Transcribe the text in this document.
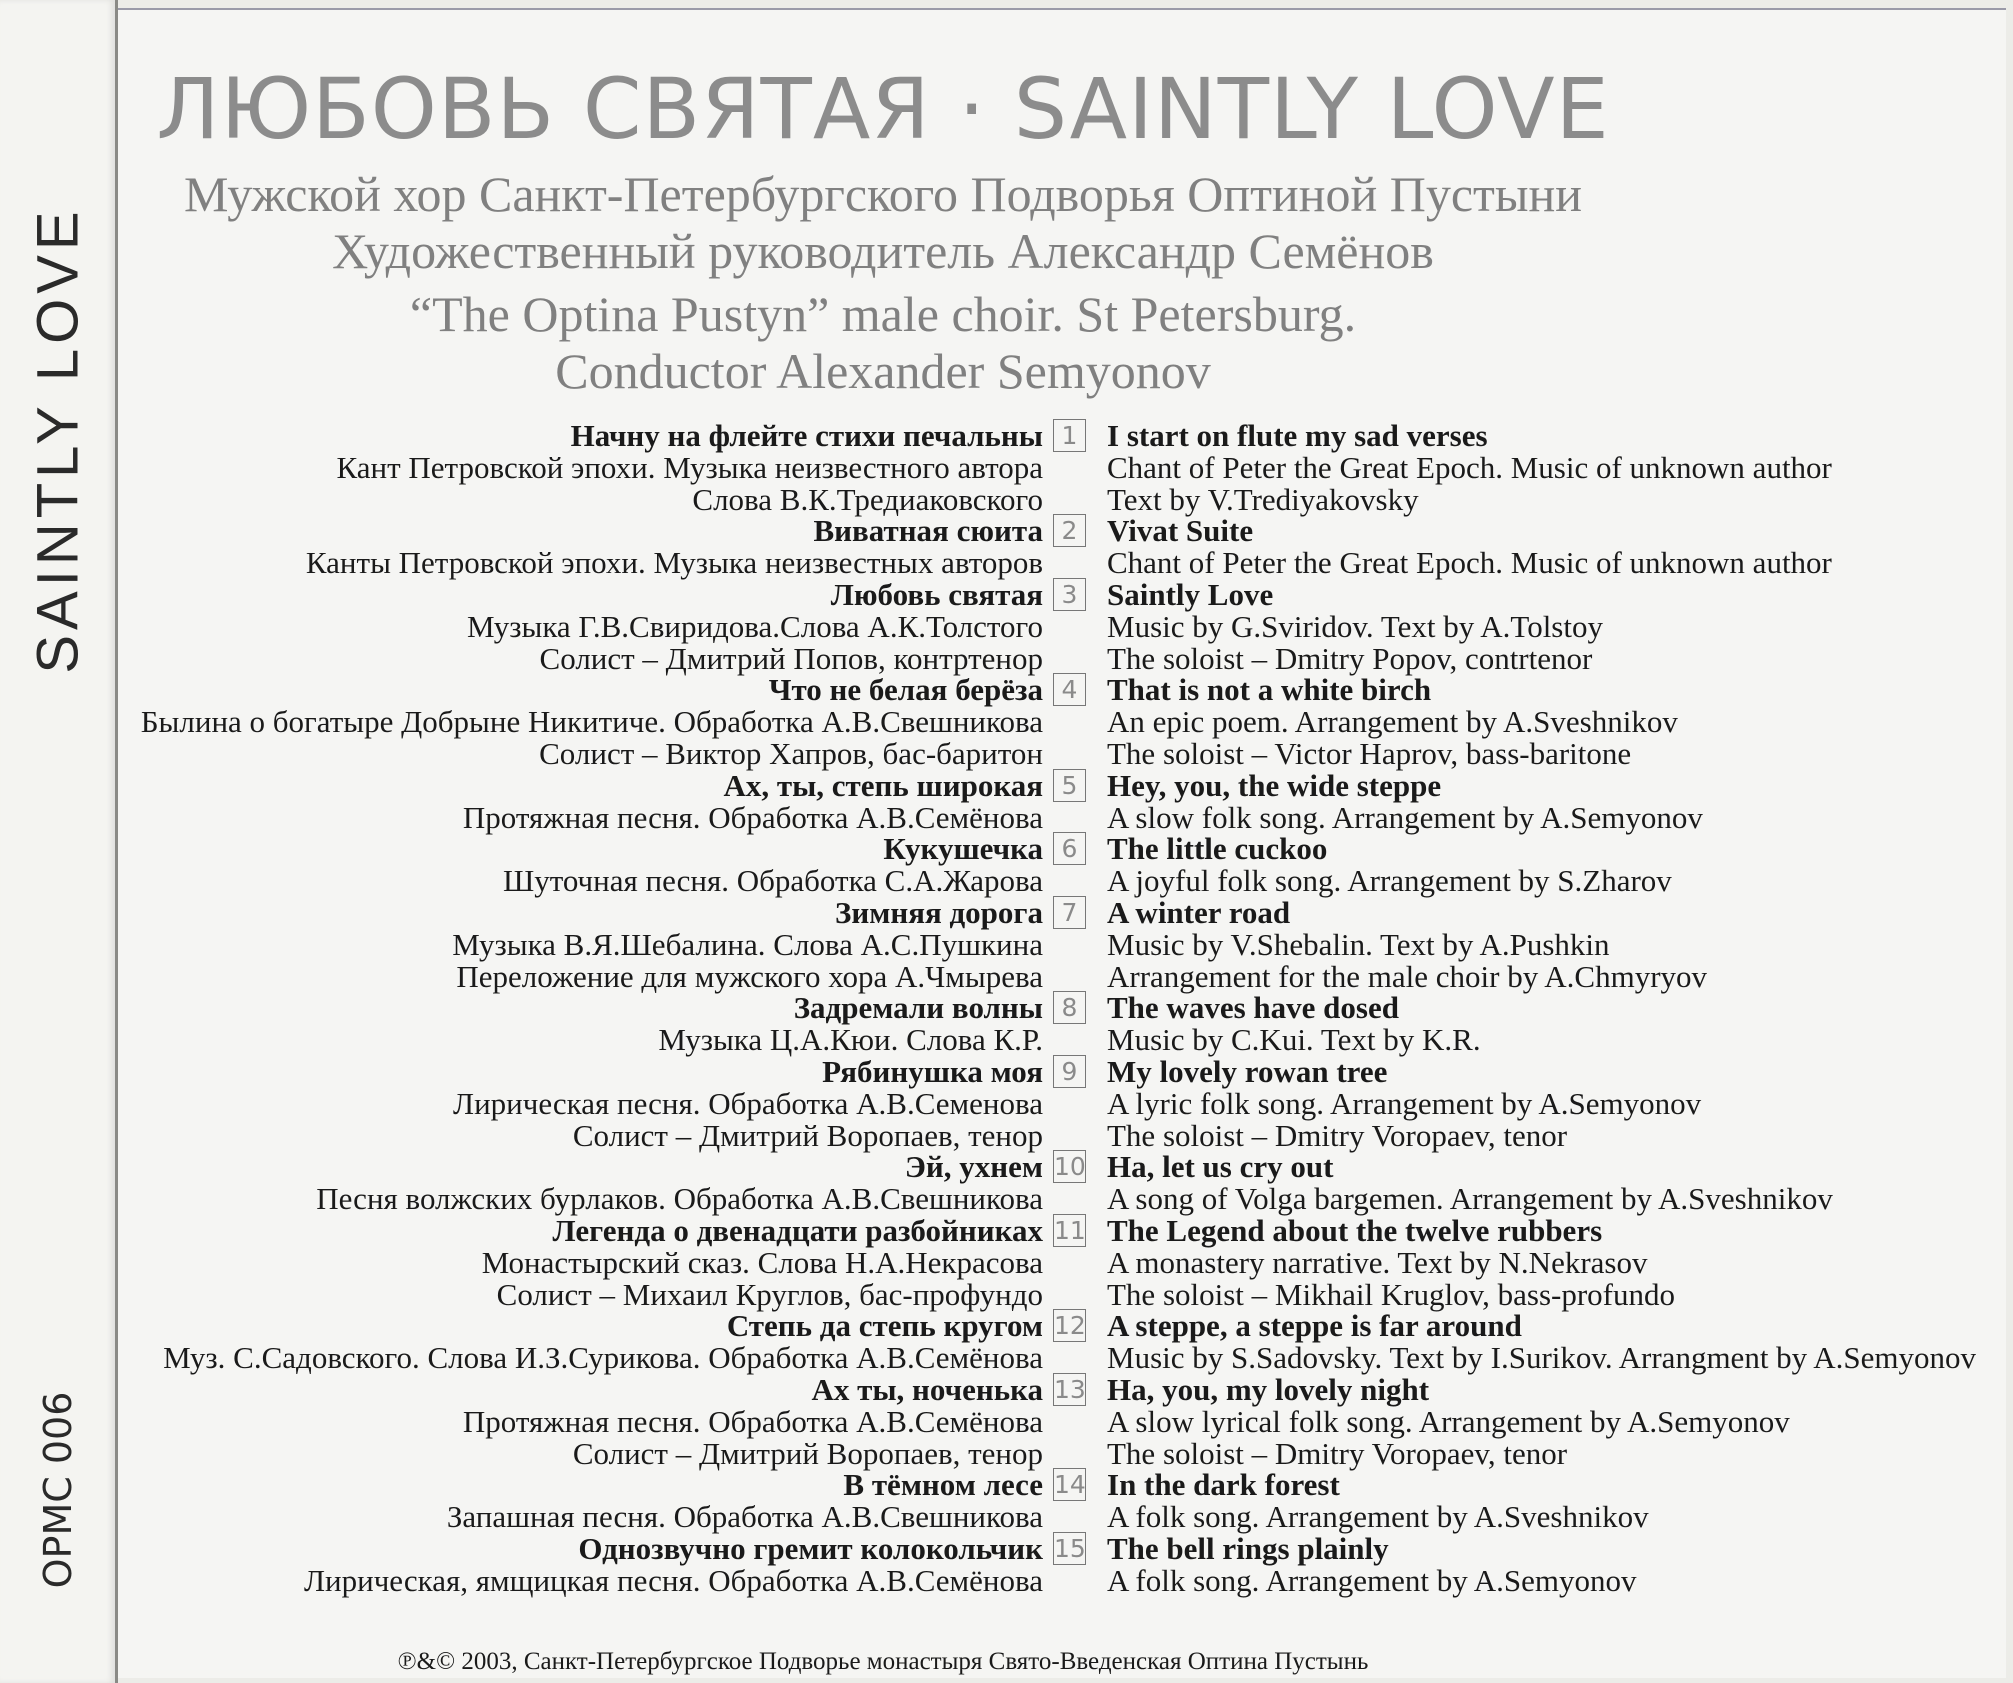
SAINTLY LOVE
OPMC 006
ЛЮБОВЬ СВЯТАЯ · SAINTLY LOVE
Мужской хор Санкт-Петербургского Подворья Оптиной Пустыни
Художественный руководитель Александр Семёнов
“The Optina Pustyn” male choir. St Petersburg.
Conductor Alexander Semyonov
Начну на флейте стихи печальны 1 I start on flute my sad verses
Кант Петровской эпохи. Музыка неизвестного автора Chant of Peter the Great Epoch. Music of unknown author
Слова В.К.Тредиаковского Text by V.Trediyakovsky
Виватная сюита 2 Vivat Suite
Канты Петровской эпохи. Музыка неизвестных авторов Chant of Peter the Great Epoch. Music of unknown author
Любовь святая 3 Saintly Love
Музыка Г.В.Свиридова.Слова А.К.Толстого Music by G.Sviridov. Text by A.Tolstoy
Солист – Дмитрий Попов, контртенор The soloist – Dmitry Popov, contrtenor
Что не белая берёза 4 That is not a white birch
Былина о богатыре Добрыне Никитиче. Обработка А.В.Свешникова An epic poem. Arrangement by A.Sveshnikov
Солист – Виктор Хапров, бас-баритон The soloist – Victor Haprov, bass-baritone
Ах, ты, степь широкая 5 Hey, you, the wide steppe
Протяжная песня. Обработка А.В.Семёнова A slow folk song. Arrangement by A.Semyonov
Кукушечка 6 The little cuckoo
Шуточная песня. Обработка С.А.Жарова A joyful folk song. Arrangement by S.Zharov
Зимняя дорога 7 A winter road
Музыка В.Я.Шебалина. Слова А.С.Пушкина Music by V.Shebalin. Text by A.Pushkin
Переложение для мужского хора А.Чмырева Arrangement for the male choir by A.Chmyryov
Задремали волны 8 The waves have dosed
Музыка Ц.А.Кюи. Слова К.Р. Music by C.Kui. Text by K.R.
Рябинушка моя 9 My lovely rowan tree
Лирическая песня. Обработка А.В.Семенова A lyric folk song. Arrangement by A.Semyonov
Солист – Дмитрий Воропаев, тенор The soloist – Dmitry Voropaev, tenor
Эй, ухнем 10 Ha, let us cry out
Песня волжских бурлаков. Обработка А.В.Свешникова A song of Volga bargemen. Arrangement by A.Sveshnikov
Легенда о двенадцати разбойниках 11 The Legend about the twelve rubbers
Монастырский сказ. Слова Н.А.Некрасова A monastery narrative. Text by N.Nekrasov
Солист – Михаил Круглов, бас-профундо The soloist – Mikhail Kruglov, bass-profundo
Степь да степь кругом 12 A steppe, a steppe is far around
Муз. С.Садовского. Слова И.З.Сурикова. Обработка А.В.Семёнова Music by S.Sadovsky. Text by I.Surikov. Arrangment by A.Semyonov
Ах ты, ноченька 13 Ha, you, my lovely night
Протяжная песня. Обработка А.В.Семёнова A slow lyrical folk song. Arrangement by A.Semyonov
Солист – Дмитрий Воропаев, тенор The soloist – Dmitry Voropaev, tenor
В тёмном лесе 14 In the dark forest
Запашная песня. Обработка А.В.Свешникова A folk song. Arrangement by A.Sveshnikov
Однозвучно гремит колокольчик 15 The bell rings plainly
Лирическая, ямщицкая песня. Обработка А.В.Семёнова A folk song. Arrangement by A.Semyonov
℗&© 2003, Санкт-Петербургское Подворье монастыря Свято-Введенская Оптина Пустынь
